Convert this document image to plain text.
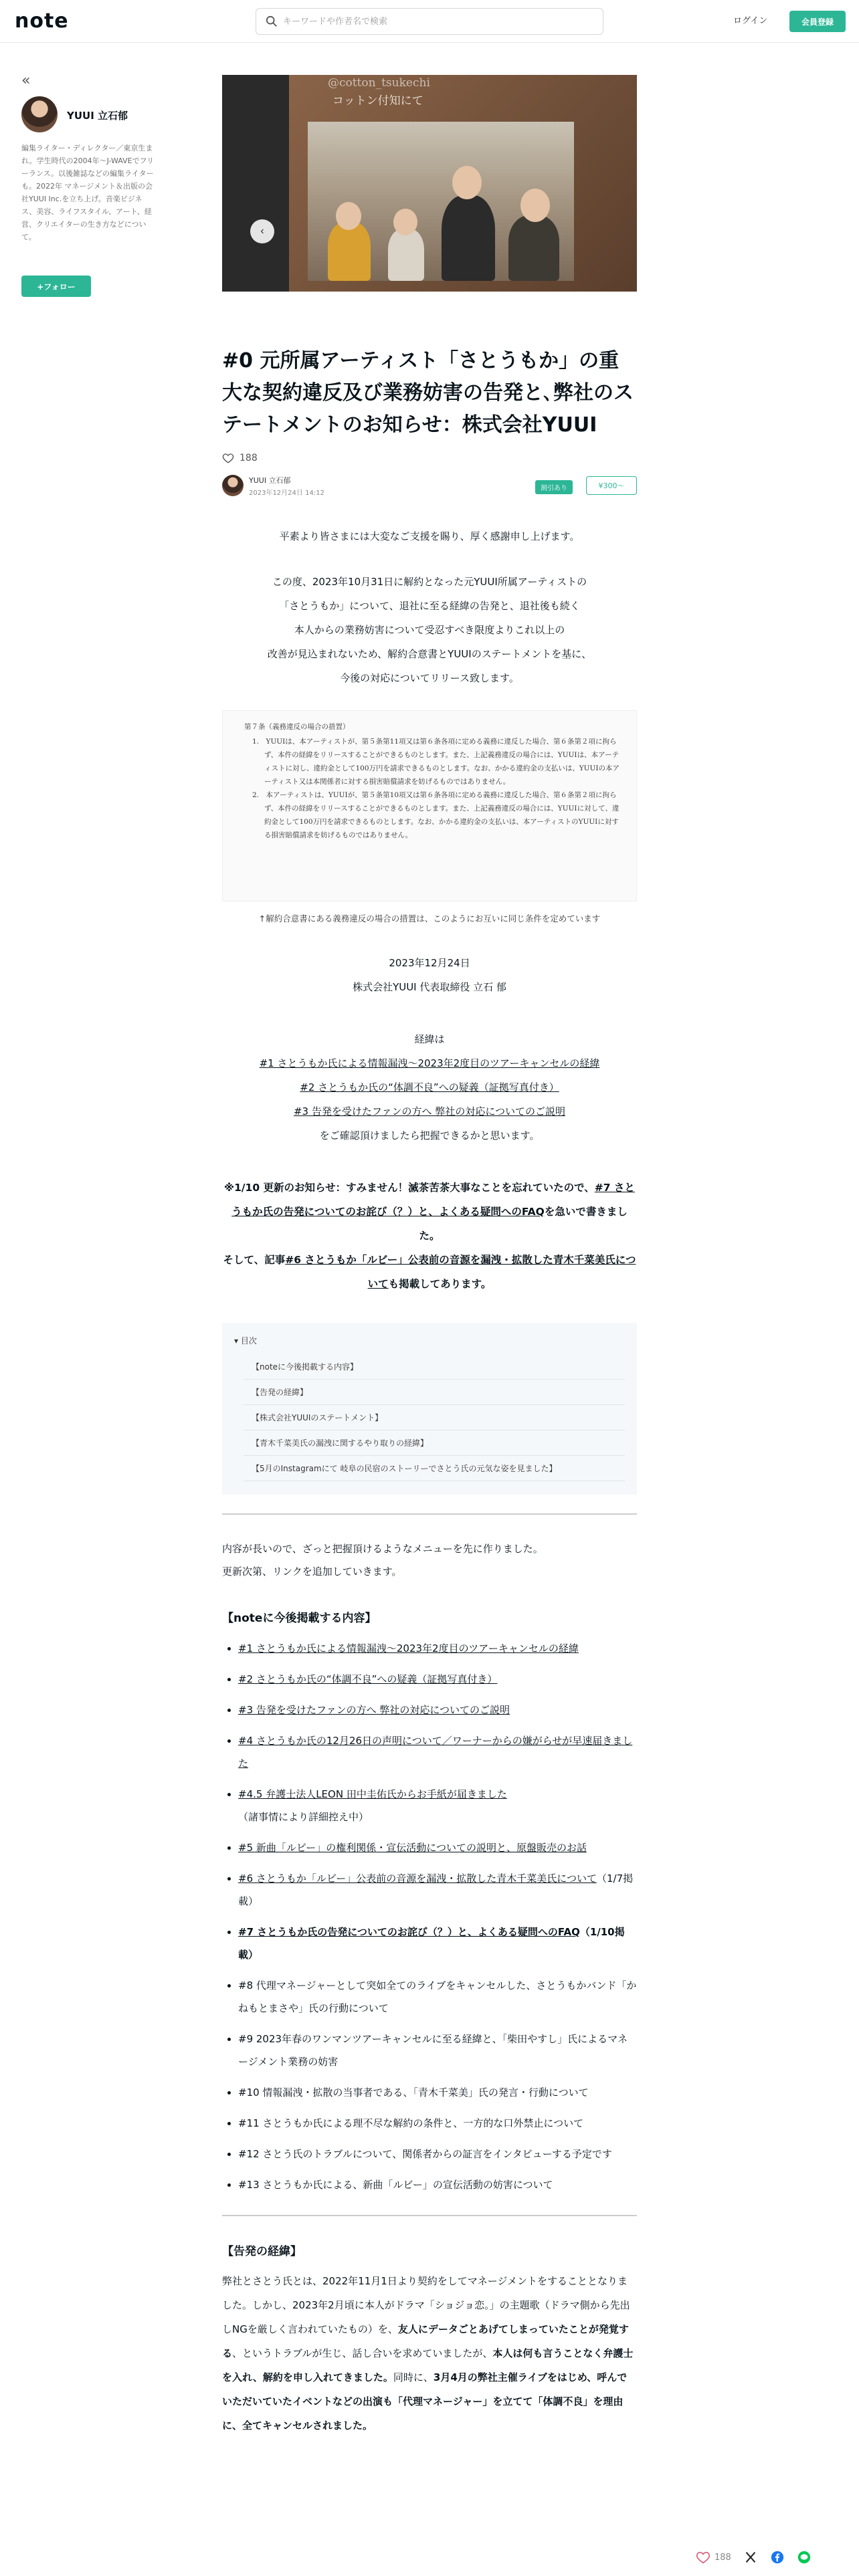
note
キーワードや作者名で検索	ログイン	会員登録
«
YUUI 立石郁
編集ライター・ディレクター／東京生まれ。学生時代の2004年～J-WAVEでフリーランス。以後雑誌などの編集ライターも。2022年 マネージメント＆出版の会社YUUI Inc.を立ち上げ。音楽ビジネス、美容、ライフスタイル、アート、経営、クリエイターの生き方などについて。
+フォロー
@cotton_tsukechi
コットン付知にて
‹
#0 元所属アーティスト「さとうもか」の重大な契約違反及び業務妨害の告発と､弊社のステートメントのお知らせ：株式会社YUUI
188
YUUI 立石郁
2023年12月24日 14:12
割引あり	¥300〜
平素より皆さまには大変なご支援を賜り、厚く感謝申し上げます。
この度、2023年10月31日に解約となった元YUUI所属アーティストの
「さとうもか」について、退社に至る経緯の告発と、退社後も続く
本人からの業務妨害について受忍すべき限度よりこれ以上の
改善が見込まれないため、解約合意書とYUUIのステートメントを基に、
今後の対応についてリリース致します。
第７条（義務違反の場合の措置）
1.　YUUIは、本アーティストが、第５条第11項又は第６条各項に定める義務に違反した場合、第６条第２項に拘らず、本件の経緯をリリースすることができるものとします。また、上記義務違反の場合には、YUUIは、本アーティストに対し、違約金として100万円を請求できるものとします。なお、かかる違約金の支払いは、YUUIの本アーティスト又は本関係者に対する損害賠償請求を妨げるものではありません。
2.　本アーティストは、YUUIが、第５条第10項又は第６条各項に定める義務に違反した場合、第６条第２項に拘らず、本件の経緯をリリースすることができるものとします。また、上記義務違反の場合には、YUUIに対して、違約金として100万円を請求できるものとします。なお、かかる違約金の支払いは、本アーティストのYUUIに対する損害賠償請求を妨げるものではありません。
↑解約合意書にある義務違反の場合の措置は、このようにお互いに同じ条件を定めています
2023年12月24日
株式会社YUUI 代表取締役 立石 郁
経緯は
#1 さとうもか氏による情報漏洩〜2023年2度目のツアーキャンセルの経緯
#2 さとうもか氏の“体調不良”への疑義（証拠写真付き）
#3 告発を受けたファンの方へ 弊社の対応についてのご説明
をご確認頂けましたら把握できるかと思います。
※1/10 更新のお知らせ：すみません！滅茶苦茶大事なことを忘れていたので、#7 さとうもか氏の告発についてのお詫び（？）と、よくある疑問へのFAQを急いで書きました。
そして、記事#6 さとうもか「ルビー」公表前の音源を漏洩・拡散した青木千菜美氏についても掲載してあります。
▾ 目次
【noteに今後掲載する内容】
【告発の経緯】
【株式会社YUUIのステートメント】
【青木千菜美氏の漏洩に関するやり取りの経緯】
【5月のInstagramにて 岐阜の民宿のストーリーでさとう氏の元気な姿を見ました】
内容が長いので、ざっと把握頂けるようなメニューを先に作りました。
更新次第、リンクを追加していきます。
【noteに今後掲載する内容】
• #1 さとうもか氏による情報漏洩〜2023年2度目のツアーキャンセルの経緯
• #2 さとうもか氏の“体調不良”への疑義（証拠写真付き）
• #3 告発を受けたファンの方へ 弊社の対応についてのご説明
• #4 さとうもか氏の12月26日の声明について／ワーナーからの嫌がらせが早速届きました
• #4.5 弁護士法人LEON 田中圭佑氏からお手紙が届きました（諸事情により詳細控え中）
• #5 新曲「ルビー」の権利関係・宣伝活動についての説明と、原盤販売のお話
• #6 さとうもか「ルビー」公表前の音源を漏洩・拡散した青木千菜美氏について（1/7掲載）
• #7 さとうもか氏の告発についてのお詫び（？）と、よくある疑問へのFAQ（1/10掲載）
• #8 代理マネージャーとして突如全てのライブをキャンセルした、さとうもかバンド「かねもとまさや」氏の行動について
• #9 2023年春のワンマンツアーキャンセルに至る経緯と、「柴田やすし」氏によるマネージメント業務の妨害
• #10 情報漏洩・拡散の当事者である、「青木千菜美」氏の発言・行動について
• #11 さとうもか氏による理不尽な解約の条件と、一方的な口外禁止について
• #12 さとう氏のトラブルについて、関係者からの証言をインタビューする予定です
• #13 さとうもか氏による、新曲「ルビー」の宣伝活動の妨害について
【告発の経緯】
弊社とさとう氏とは、2022年11月1日より契約をしてマネージメントをすることとなりました。しかし、2023年2月頃に本人がドラマ「ショジョ恋。」の主題歌（ドラマ側から先出しNGを厳しく言われていたもの）を、友人にデータごとあげてしまっていたことが発覚する、というトラブルが生じ、話し合いを求めていましたが、本人は何も言うことなく弁護士を入れ、解約を申し入れてきました。同時に、3月4月の弊社主催ライブをはじめ、呼んでいただいていたイベントなどの出演も「代理マネージャー」を立てて「体調不良」を理由に、全てキャンセルされました。
188
